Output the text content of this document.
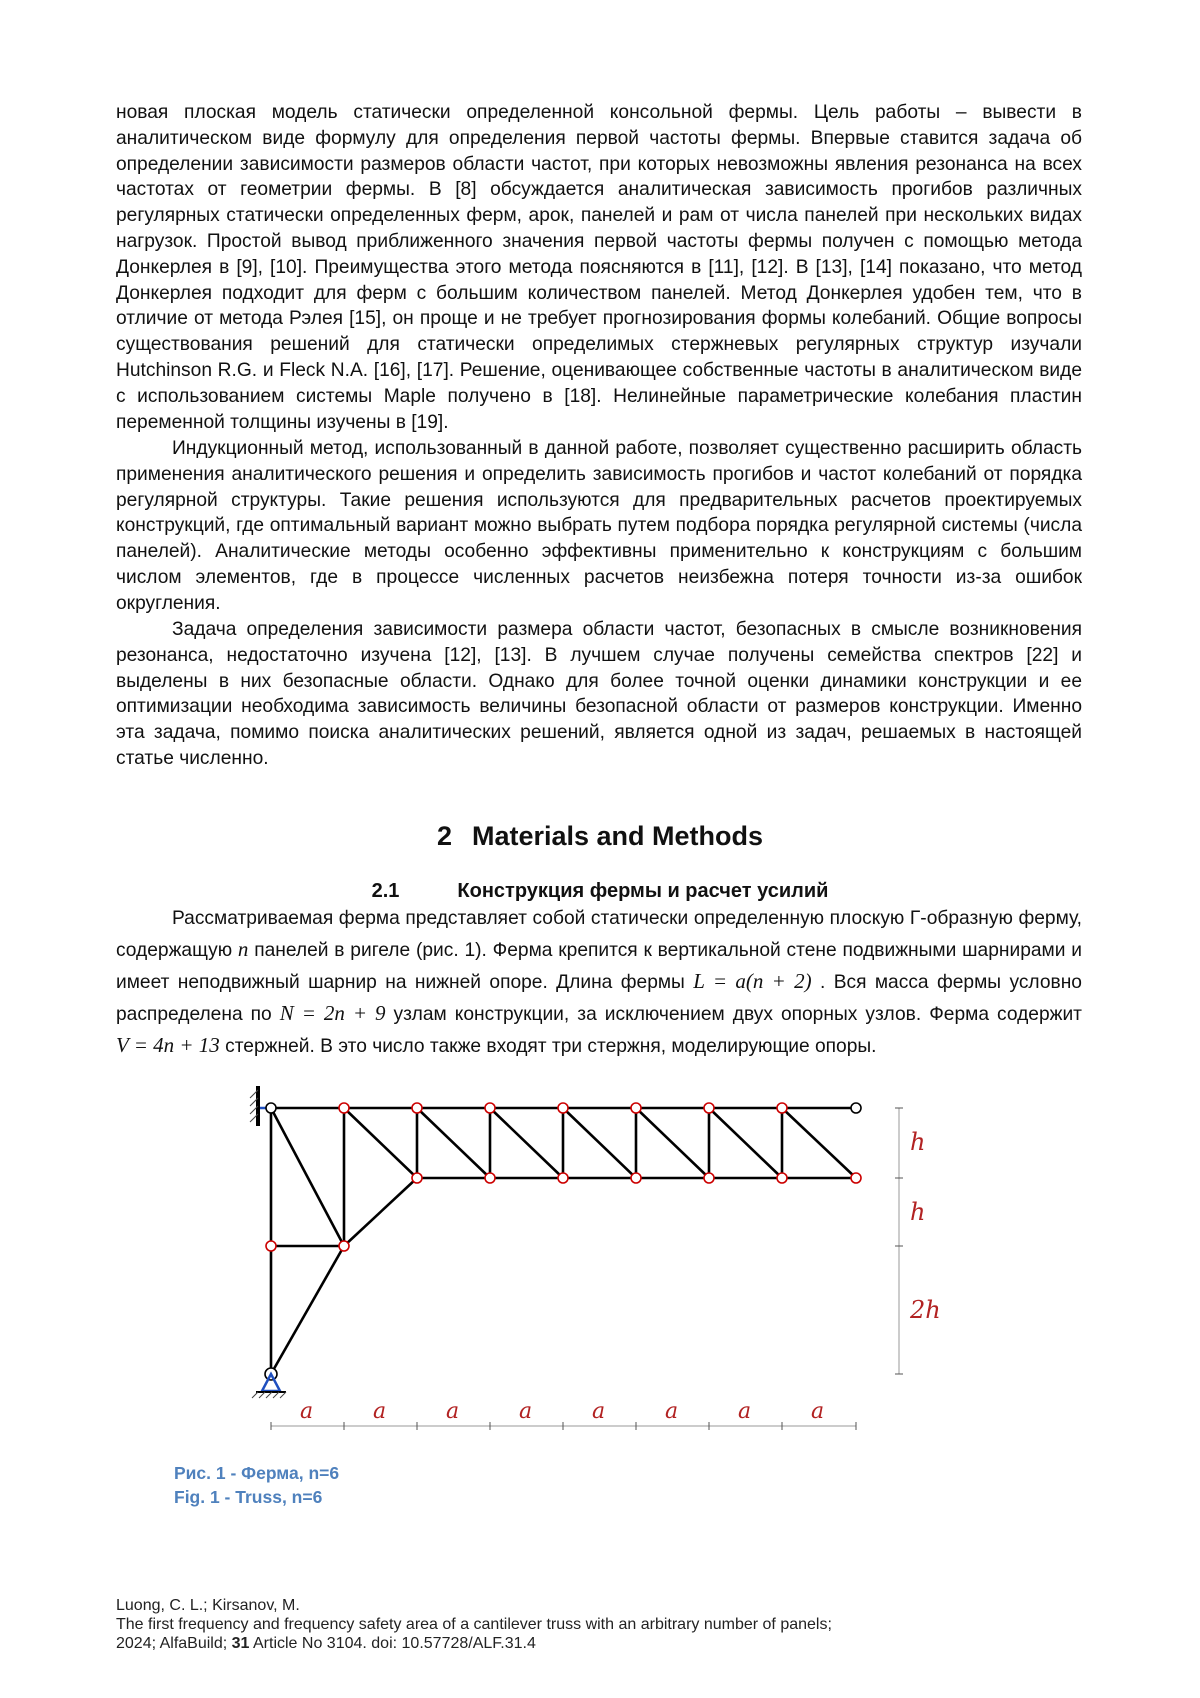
новая плоская модель статически определенной консольной фермы. Цель работы – вывести в аналитическом виде формулу для определения первой частоты фермы. Впервые ставится задача об определении зависимости размеров области частот, при которых невозможны явления резонанса на всех частотах от геометрии фермы. В [8] обсуждается аналитическая зависимость прогибов различных регулярных статически определенных ферм, арок, панелей и рам от числа панелей при нескольких видах нагрузок. Простой вывод приближенного значения первой частоты фермы получен с помощью метода Донкерлея в [9], [10]. Преимущества этого метода поясняются в [11], [12]. В [13], [14] показано, что метод Донкерлея подходит для ферм с большим количеством панелей. Метод Донкерлея удобен тем, что в отличие от метода Рэлея [15], он проще и не требует прогнозирования формы колебаний. Общие вопросы существования решений для статически определимых стержневых регулярных структур изучали Hutchinson R.G. и Fleck N.A. [16], [17]. Решение, оценивающее собственные частоты в аналитическом виде с использованием системы Maple получено в [18]. Нелинейные параметрические колебания пластин переменной толщины изучены в [19].

Индукционный метод, использованный в данной работе, позволяет существенно расширить область применения аналитического решения и определить зависимость прогибов и частот колебаний от порядка регулярной структуры. Такие решения используются для предварительных расчетов проектируемых конструкций, где оптимальный вариант можно выбрать путем подбора порядка регулярной системы (числа панелей). Аналитические методы особенно эффективны применительно к конструкциям с большим числом элементов, где в процессе численных расчетов неизбежна потеря точности из-за ошибок округления.

Задача определения зависимости размера области частот, безопасных в смысле возникновения резонанса, недостаточно изучена [12], [13]. В лучшем случае получены семейства спектров [22] и выделены в них безопасные области. Однако для более точной оценки динамики конструкции и ее оптимизации необходима зависимость величины безопасной области от размеров конструкции. Именно эта задача, помимо поиска аналитических решений, является одной из задач, решаемых в настоящей статье численно.

2 Materials and Methods
2.1	Конструкция фермы и расчет усилий

Рассматриваемая ферма представляет собой статически определенную плоскую Г-образную ферму, содержащую n панелей в ригеле (рис. 1). Ферма крепится к вертикальной стене подвижными шарнирами и имеет неподвижный шарнир на нижней опоре. Длина фермы L = a(n + 2) . Вся масса фермы условно распределена по N = 2n + 9 узлам конструкции, за исключением двух опорных узлов. Ферма содержит V = 4n + 13 стержней. В это число также входят три стержня, моделирующие опоры.

h
h
2h
a	a	a	a	a	a	a	a

Рис. 1 - Ферма, n=6

Fig. 1 - Truss, n=6

Luong, C. L.; Kirsanov, M.

The first frequency and frequency safety area of a cantilever truss with an arbitrary number of panels;

2024; AlfaBuild; 31 Article No 3104. doi: 10.57728/ALF.31.4
